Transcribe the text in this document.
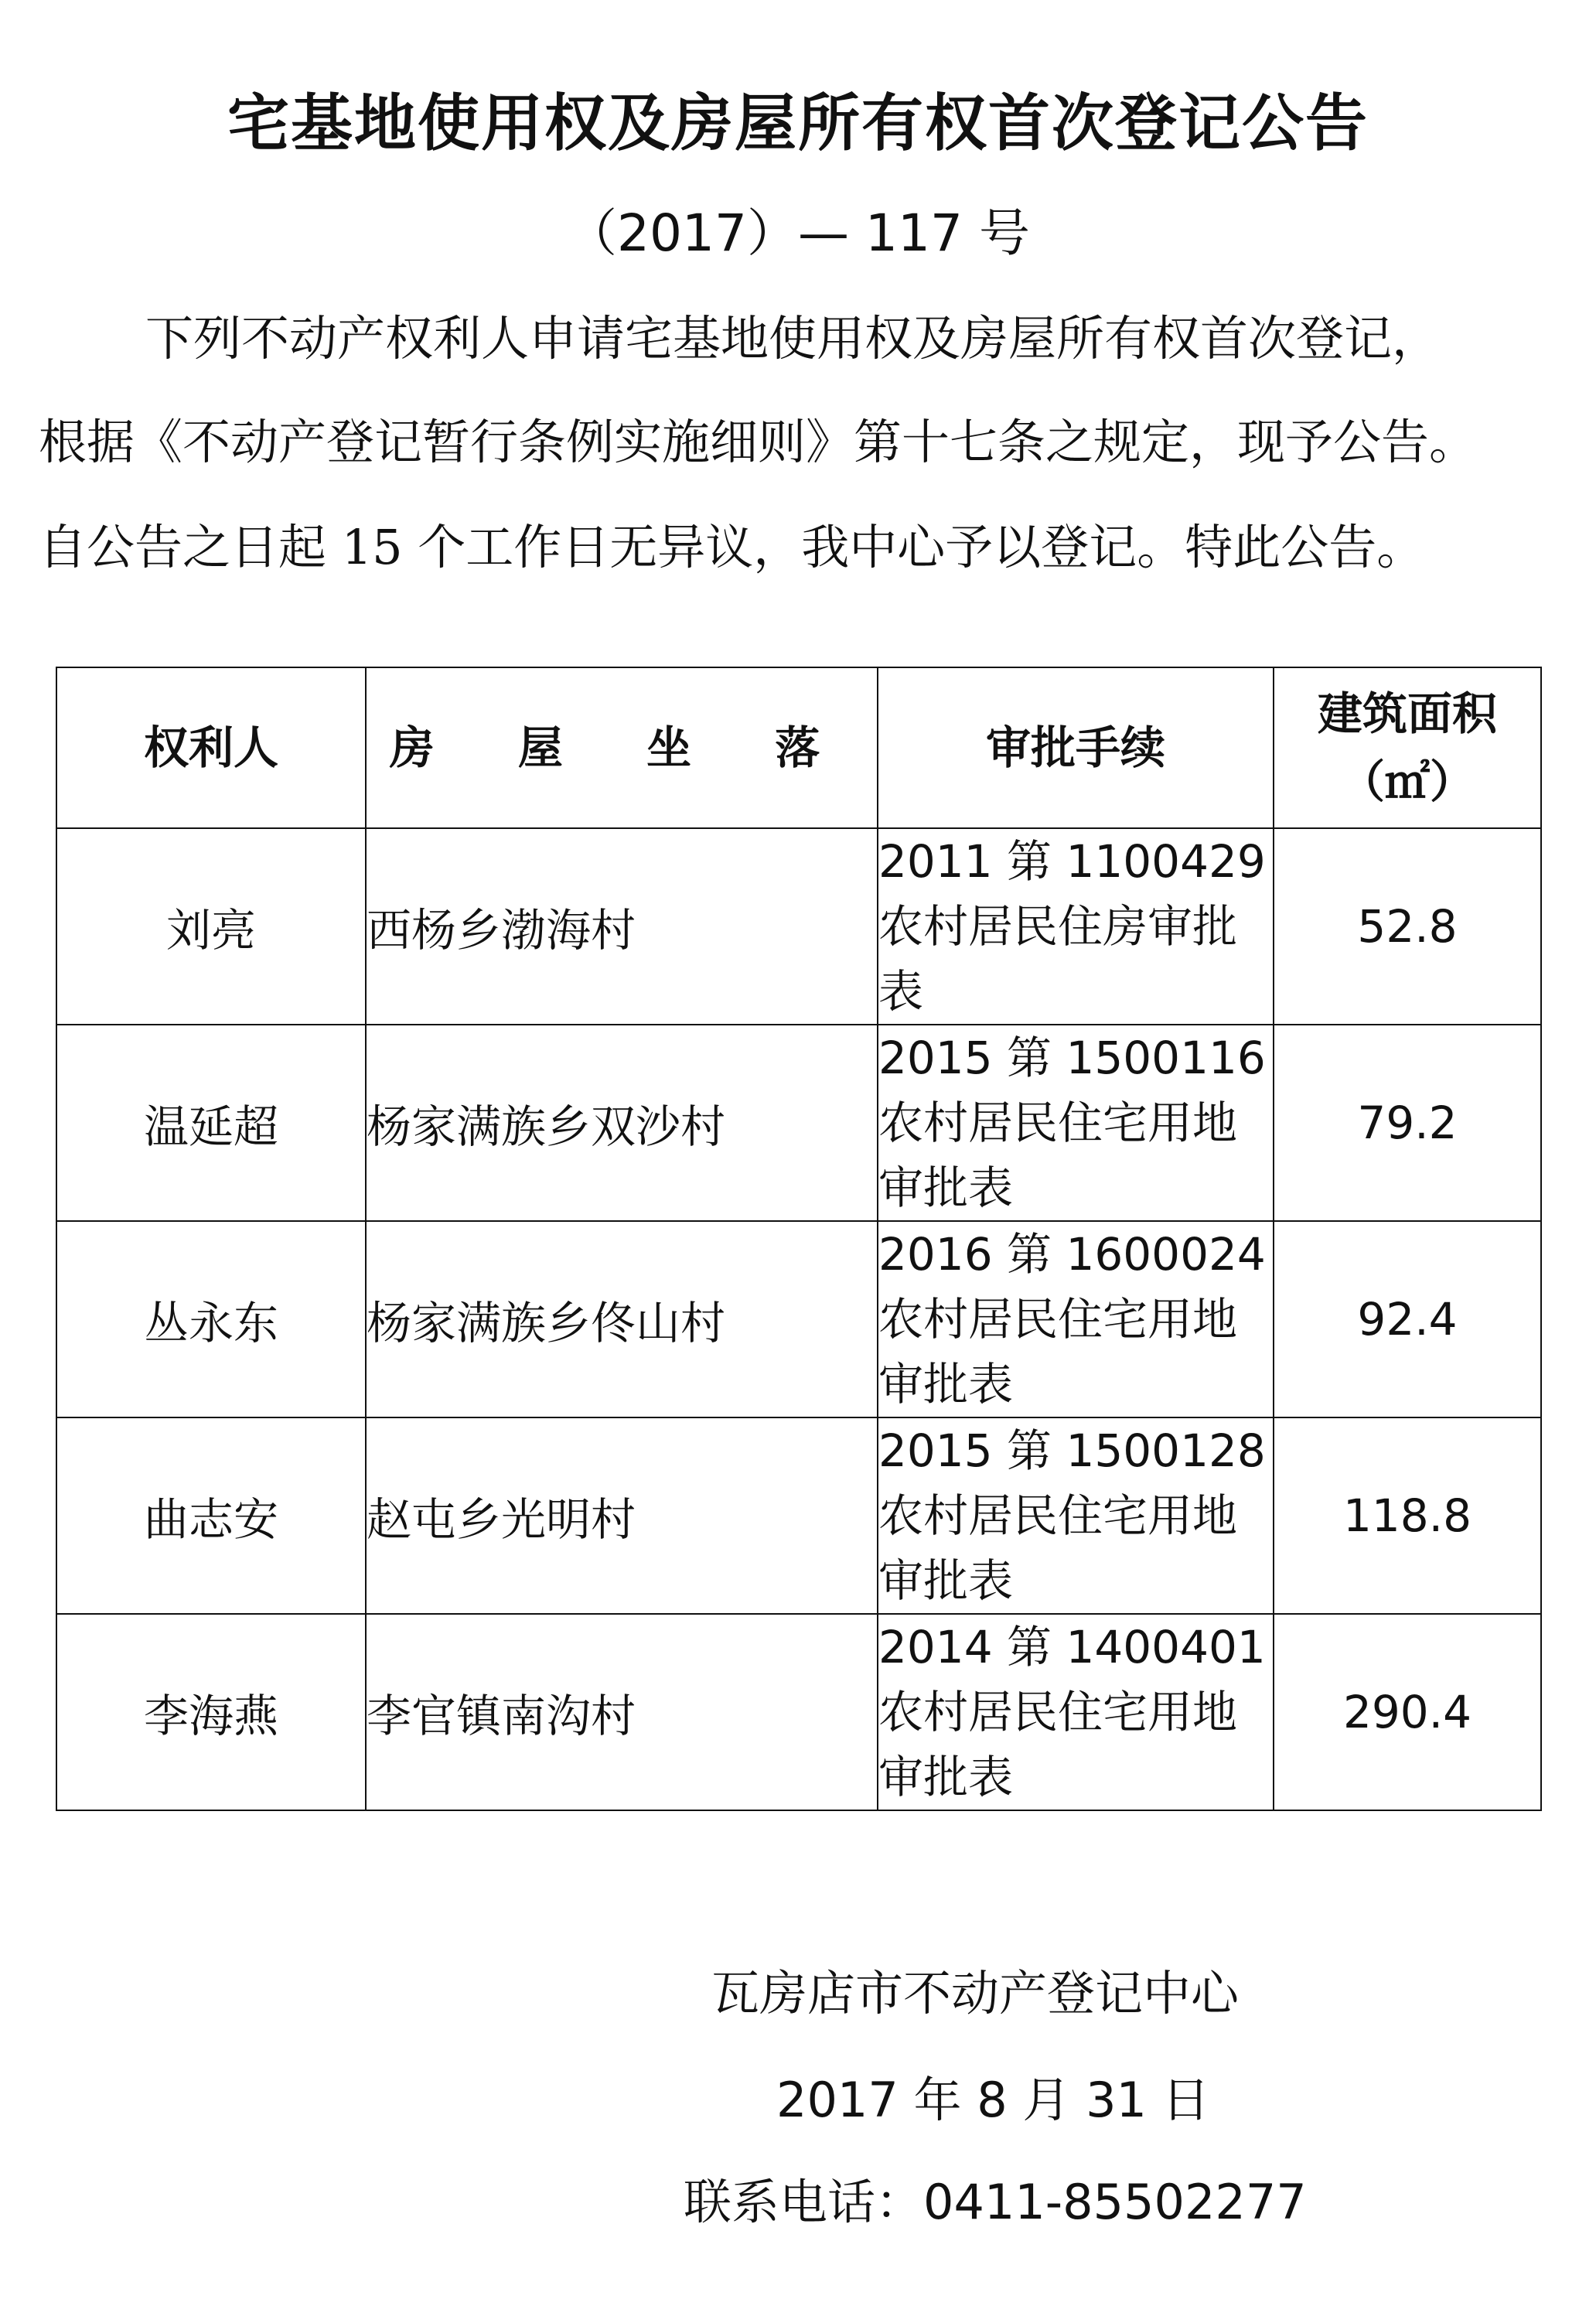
宅基地使用权及房屋所有权首次登记公告
（2017）— 117 号
下列不动产权利人申请宅基地使用权及房屋所有权首次登记，
根据《不动产登记暂行条例实施细则》第十七条之规定，现予公告。
自公告之日起 15 个工作日无异议，我中心予以登记。特此公告。
权利人	房 屋 坐 落	审批手续	建筑面积
（㎡）

刘亮	西杨乡渤海村	2011 第 1100429 农村居民住房审批表	52.8
温延超	杨家满族乡双沙村	2015 第 1500116 农村居民住宅用地审批表	79.2
丛永东	杨家满族乡佟山村	2016 第 1600024 农村居民住宅用地审批表	92.4
曲志安	赵屯乡光明村	2015 第 1500128 农村居民住宅用地审批表	118.8
李海燕	李官镇南沟村	2014 第 1400401 农村居民住宅用地审批表	290.4
瓦房店市不动产登记中心
2017 年 8 月 31 日
联系电话：0411-85502277
